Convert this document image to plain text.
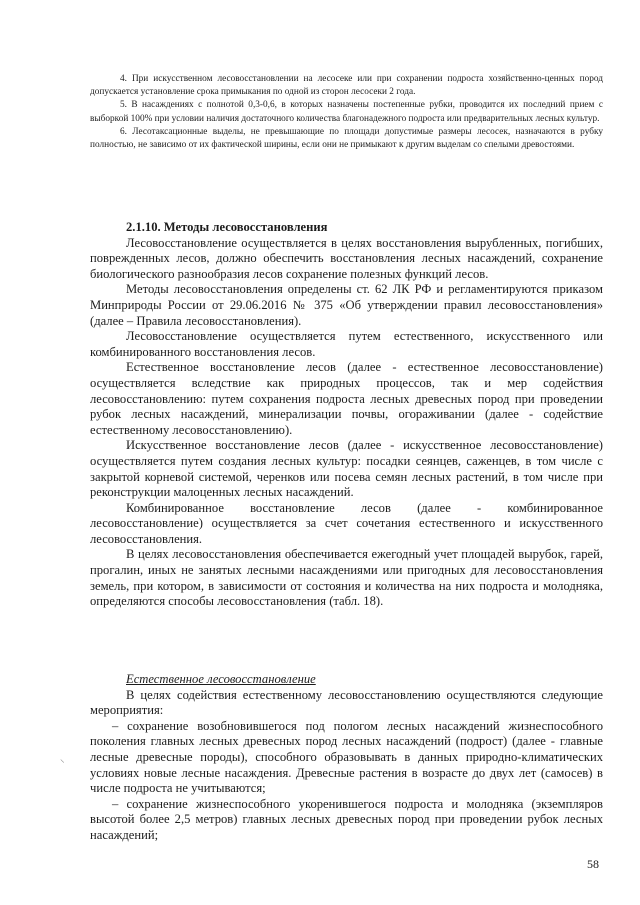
4. При искусственном лесовосстановлении на лесосеке или при сохранении подроста хозяйственно-ценных пород допускается установление срока примыкания по одной из сторон лесосеки 2 года.

5. В насаждениях с полнотой 0,3-0,6, в которых назначены постепенные рубки, проводится их последний прием с выборкой 100% при условии наличия достаточного количества благонадежного подроста или предварительных лесных культур.

6. Лесотаксационные выделы, не превышающие по площади допустимые размеры лесосек, назначаются в рубку полностью, не зависимо от их фактической ширины, если они не примыкают к другим выделам со спелыми древостоями.

2.1.10. Методы лесовосстановления

Лесовосстановление осуществляется в целях восстановления вырубленных, погибших, поврежденных лесов, должно обеспечить восстановления лесных насаждений, сохранение биологического разнообразия лесов сохранение полезных функций лесов.

Методы лесовосстановления определены ст. 62 ЛК РФ и регламентируются приказом Минприроды России от 29.06.2016 № 375 «Об утверждении правил лесовосстановления» (далее – Правила лесовосстановления).

Лесовосстановление осуществляется путем естественного, искусственного или комбинированного восстановления лесов.

Естественное восстановление лесов (далее - естественное лесовосстановление) осуществляется вследствие как природных процессов, так и мер содействия лесовосстановлению: путем сохранения подроста лесных древесных пород при проведении рубок лесных насаждений, минерализации почвы, огораживании (далее - содействие естественному лесовосстановлению).

Искусственное восстановление лесов (далее - искусственное лесовосстановление) осуществляется путем создания лесных культур: посадки сеянцев, саженцев, в том числе с закрытой корневой системой, черенков или посева семян лесных растений, в том числе при реконструкции малоценных лесных насаждений.

Комбинированное восстановление лесов (далее - комбинированное лесовосстановление) осуществляется за счет сочетания естественного и искусственного лесовосстановления.

В целях лесовосстановления обеспечивается ежегодный учет площадей вырубок, гарей, прогалин, иных не занятых лесными насаждениями или пригодных для лесовосстановления земель, при котором, в зависимости от состояния и количества на них подроста и молодняка, определяются способы лесовосстановления (табл. 18).

Естественное лесовосстановление

В целях содействия естественному лесовосстановлению осуществляются следующие мероприятия:

– сохранение возобновившегося под пологом лесных насаждений жизнеспособного поколения главных лесных древесных пород лесных насаждений (подрост) (далее - главные лесные древесные породы), способного образовывать в данных природно-климатических условиях новые лесные насаждения. Древесные растения в возрасте до двух лет (самосев) в числе подроста не учитываются;

– сохранение жизнеспособного укоренившегося подроста и молодняка (экземпляров высотой более 2,5 метров) главных лесных древесных пород при проведении рубок лесных насаждений;

⸜
58
